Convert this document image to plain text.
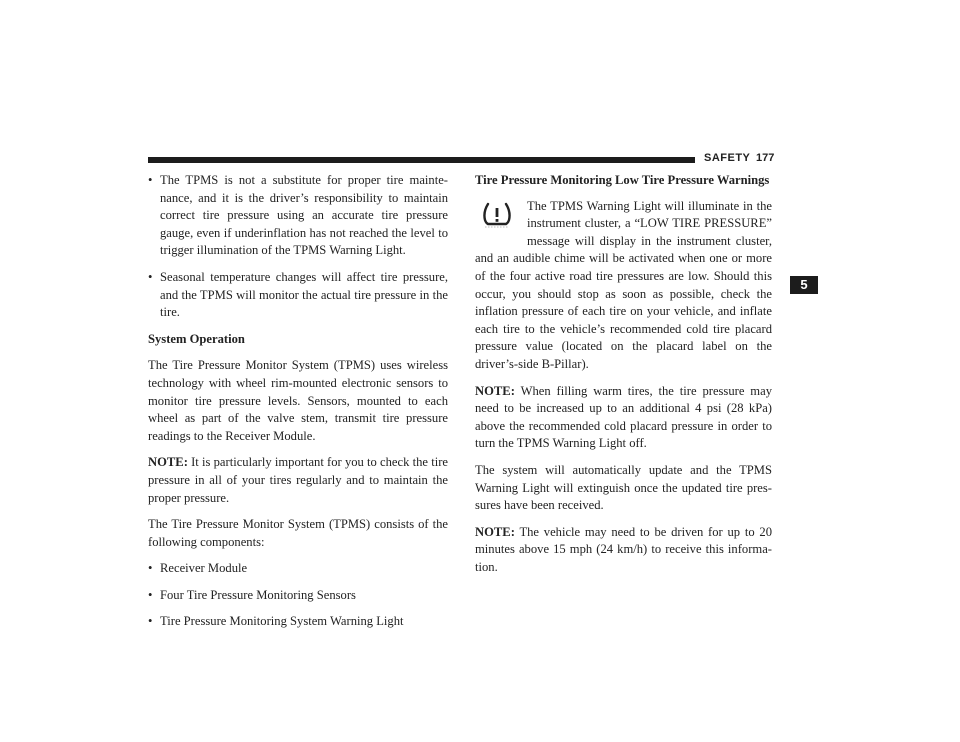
SAFETY 177
5
• The TPMS is not a substitute for proper tire mainte-nance, and it is the driver’s responsibility to maintain correct tire pressure using an accurate tire pressure gauge, even if underinflation has not reached the level to trigger illumination of the TPMS Warning Light.
• Seasonal temperature changes will affect tire pressure, and the TPMS will monitor the actual tire pressure in the tire.
System Operation

The Tire Pressure Monitor System (TPMS) uses wireless technology with wheel rim-mounted electronic sensors to monitor tire pressure levels. Sensors, mounted to each wheel as part of the valve stem, transmit tire pressure readings to the Receiver Module.

NOTE: It is particularly important for you to check the tire pressure in all of your tires regularly and to maintain the proper pressure.

The Tire Pressure Monitor System (TPMS) consists of the following components:

• Receiver Module
• Four Tire Pressure Monitoring Sensors
• Tire Pressure Monitoring System Warning Light
Tire Pressure Monitoring Low Tire Pressure Warnings

The TPMS Warning Light will illuminate in the instrument cluster, a “LOW TIRE PRESSURE” message will display in the instrument cluster, and an audible chime will be activated when one or more of the four active road tire pressures are low. Should this occur, you should stop as soon as possible, check the inflation pressure of each tire on your vehicle, and inflate each tire to the vehicle’s recommended cold tire placard pressure value (located on the placard label on the driver’s-side B-Pillar).

NOTE: When filling warm tires, the tire pressure may need to be increased up to an additional 4 psi (28 kPa) above the recommended cold placard pressure in order to turn the TPMS Warning Light off.

The system will automatically update and the TPMS Warning Light will extinguish once the updated tire pres-sures have been received.

NOTE: The vehicle may need to be driven for up to 20 minutes above 15 mph (24 km/h) to receive this informa-tion.
